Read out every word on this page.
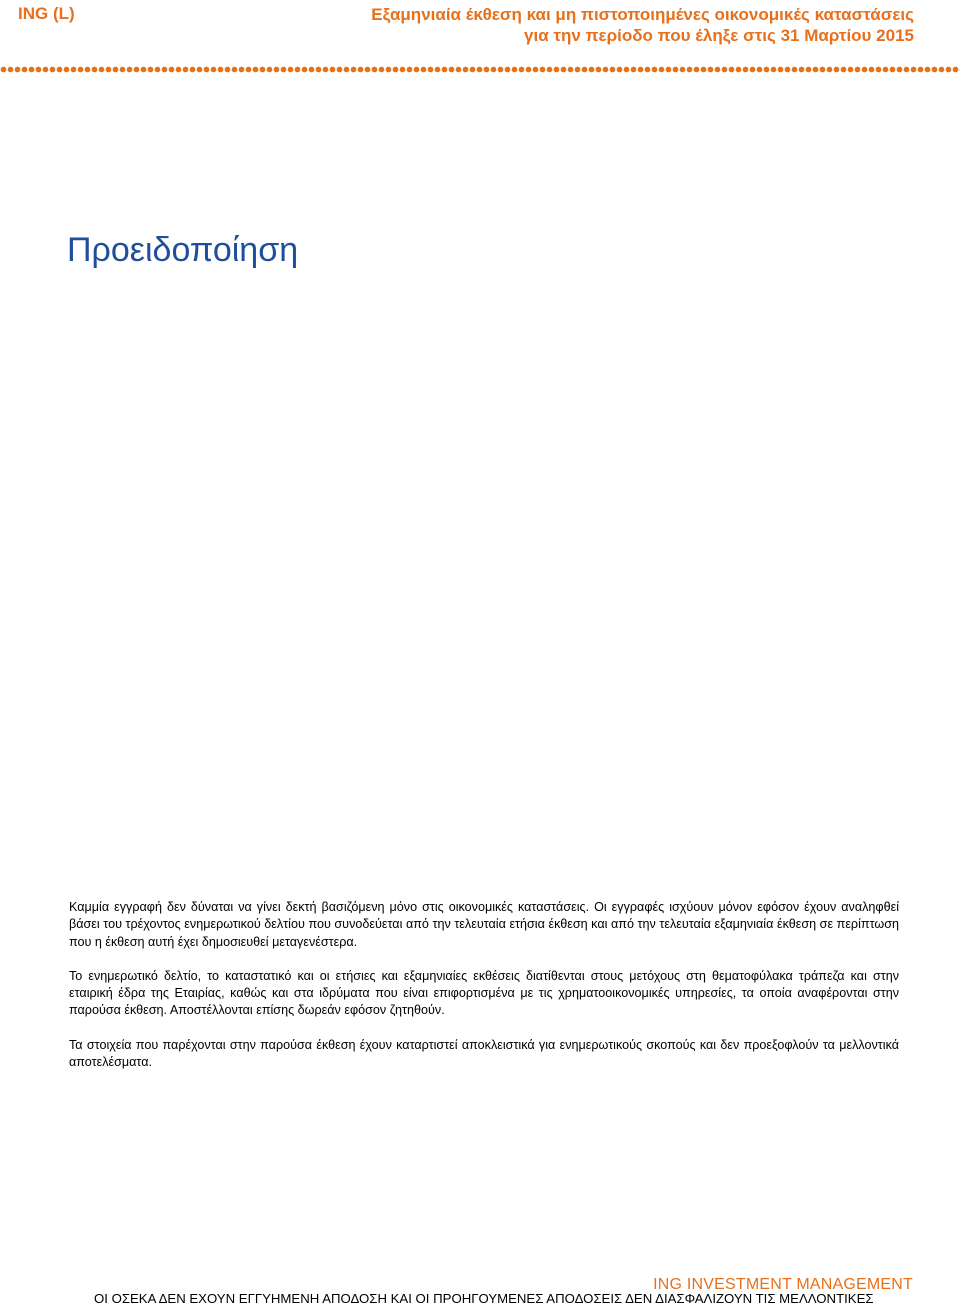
ING (L)	Εξαμηνιαία έκθεση και μη πιστοποιημένες οικονομικές καταστάσεις
για την περίοδο που έληξε στις 31 Μαρτίου 2015
Προειδοποίηση

Καμμία εγγραφή δεν δύναται να γίνει δεκτή βασιζόμενη μόνο στις οικονομικές καταστάσεις. Οι εγγραφές ισχύουν μόνον εφόσον έχουν αναληφθεί βάσει του τρέχοντος ενημερωτικού δελτίου που συνοδεύεται από την τελευταία ετήσια έκθεση και από την τελευταία εξαμηνιαία έκθεση σε περίπτωση που η έκθεση αυτή έχει δημοσιευθεί μεταγενέστερα.

Το ενημερωτικό δελτίο, το καταστατικό και οι ετήσιες και εξαμηνιαίες εκθέσεις διατίθενται στους μετόχους στη θεματοφύλακα τράπεζα και στην εταιρική έδρα της Εταιρίας, καθώς και στα ιδρύματα που είναι επιφορτισμένα με τις χρηματοοικονομικές υπηρεσίες, τα οποία αναφέρονται στην παρούσα έκθεση. Αποστέλλονται επίσης δωρεάν εφόσον ζητηθούν.

Τα στοιχεία που παρέχονται στην παρούσα έκθεση έχουν καταρτιστεί αποκλειστικά για ενημερωτικούς σκοπούς και δεν προεξοφλούν τα μελλοντικά αποτελέσματα.

ING INVESTMENT MANAGEMENT
ΟΙ ΟΣΕΚΑ ΔΕΝ ΕΧΟΥΝ ΕΓΓΥΗΜΕΝΗ ΑΠΟΔΟΣΗ ΚΑΙ ΟΙ ΠΡΟΗΓΟΥΜΕΝΕΣ ΑΠΟΔΟΣΕΙΣ ΔΕΝ ΔΙΑΣΦΑΛΙΖΟΥΝ ΤΙΣ ΜΕΛΛΟΝΤΙΚΕΣ
